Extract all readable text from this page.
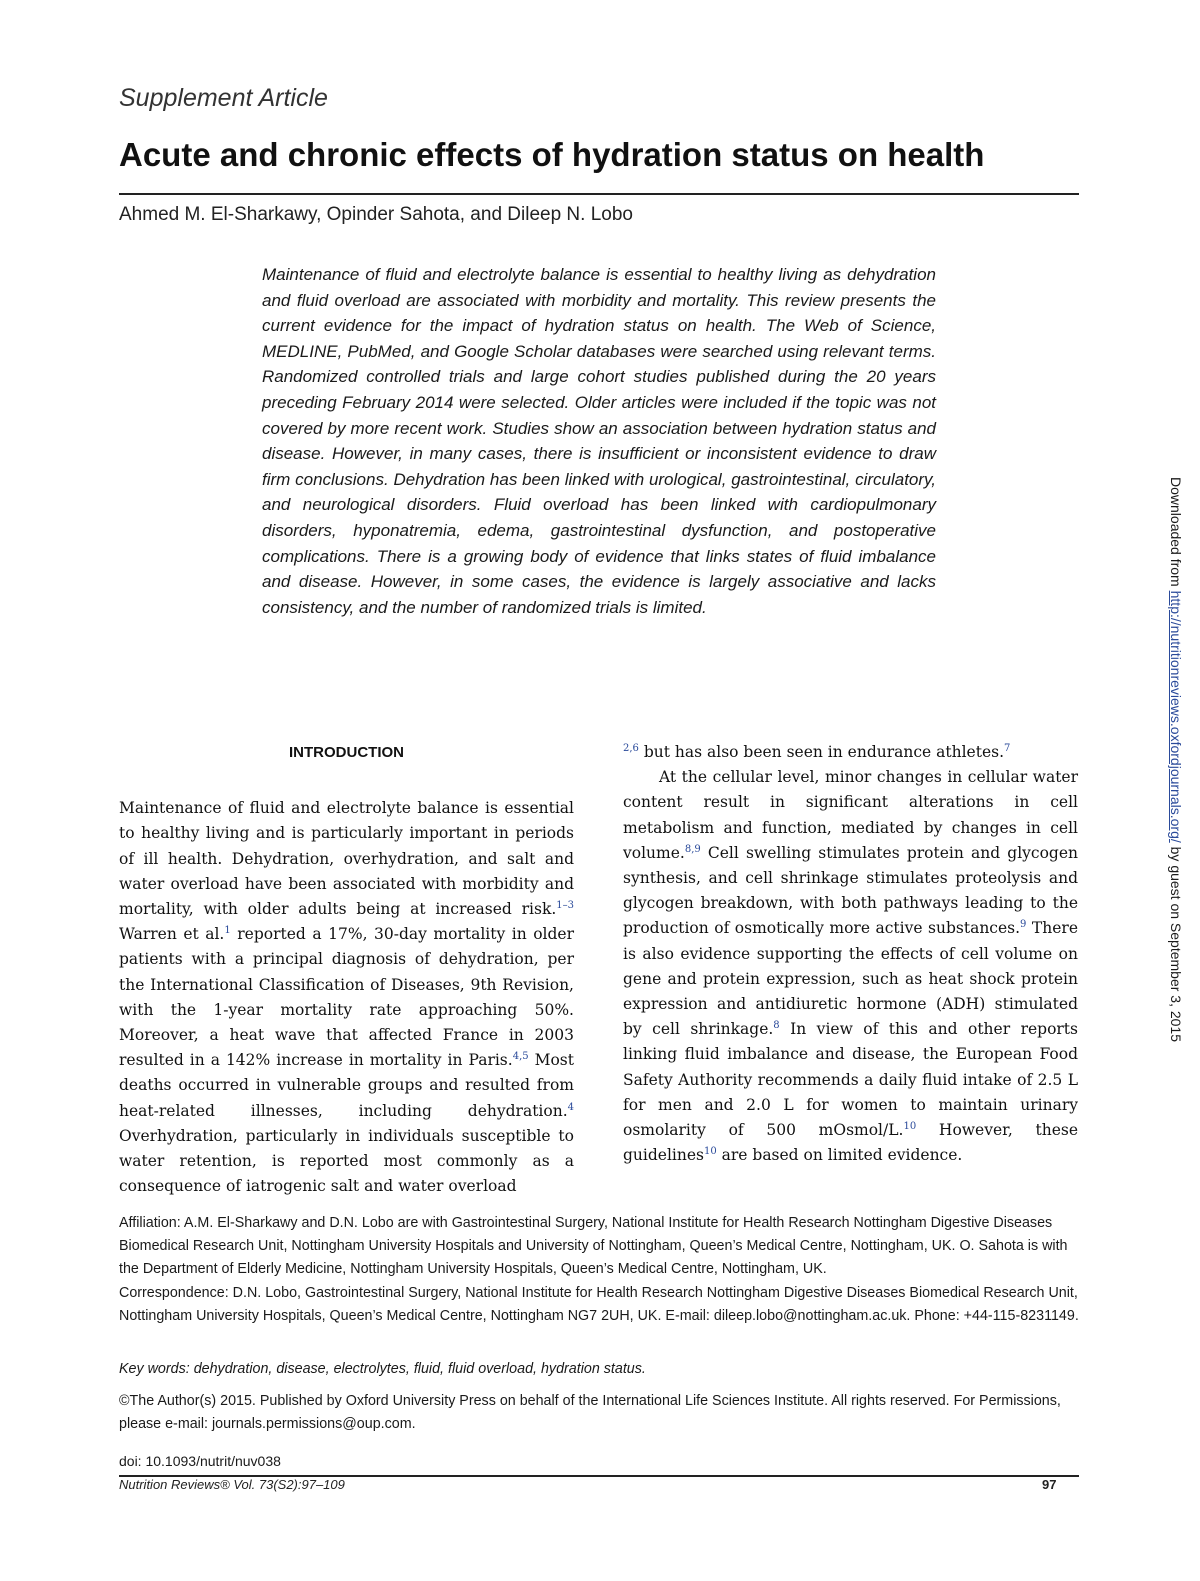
Supplement Article
Acute and chronic effects of hydration status on health
Ahmed M. El-Sharkawy, Opinder Sahota, and Dileep N. Lobo
Maintenance of fluid and electrolyte balance is essential to healthy living as dehydration and fluid overload are associated with morbidity and mortality. This review presents the current evidence for the impact of hydration status on health. The Web of Science, MEDLINE, PubMed, and Google Scholar databases were searched using relevant terms. Randomized controlled trials and large cohort studies published during the 20 years preceding February 2014 were selected. Older articles were included if the topic was not covered by more recent work. Studies show an association between hydration status and disease. However, in many cases, there is insufficient or inconsistent evidence to draw firm conclusions. Dehydration has been linked with urological, gastrointestinal, circulatory, and neurological disorders. Fluid overload has been linked with cardiopulmonary disorders, hyponatremia, edema, gastrointestinal dysfunction, and postoperative complications. There is a growing body of evidence that links states of fluid imbalance and disease. However, in some cases, the evidence is largely associative and lacks consistency, and the number of randomized trials is limited.
INTRODUCTION

Maintenance of fluid and electrolyte balance is essential to healthy living and is particularly important in periods of ill health. Dehydration, overhydration, and salt and water overload have been associated with morbidity and mortality, with older adults being at increased risk.$^{1-3}$ Warren et al.$^1$ reported a 17%, 30-day mortality in older patients with a principal diagnosis of dehydration, per the International Classification of Diseases, 9th Revision, with the 1-year mortality rate approaching 50%. Moreover, a heat wave that affected France in 2003 resulted in a 142% increase in mortality in Paris.$^{4,5}$ Most deaths occurred in vulnerable groups and resulted from heat-related illnesses, including dehydration.$^4$ Overhydration, particularly in individuals susceptible to water retention, is reported most commonly as a consequence of iatrogenic salt and water overload

$^{2,6}$ but has also been seen in endurance athletes.$^7$

At the cellular level, minor changes in cellular water content result in significant alterations in cell metabolism and function, mediated by changes in cell volume.$^{8,9}$ Cell swelling stimulates protein and glycogen synthesis, and cell shrinkage stimulates proteolysis and glycogen breakdown, with both pathways leading to the production of osmotically more active substances.$^9$ There is also evidence supporting the effects of cell volume on gene and protein expression, such as heat shock protein expression and antidiuretic hormone (ADH) stimulated by cell shrinkage.$^8$ In view of this and other reports linking fluid imbalance and disease, the European Food Safety Authority recommends a daily fluid intake of 2.5 L for men and 2.0 L for women to maintain urinary osmolarity of 500 mOsmol/L.$^{10}$ However, these guidelines$^{10}$ are based on limited evidence.

Affiliation: A.M. El-Sharkawy and D.N. Lobo are with Gastrointestinal Surgery, National Institute for Health Research Nottingham Digestive Diseases Biomedical Research Unit, Nottingham University Hospitals and University of Nottingham, Queen’s Medical Centre, Nottingham, UK. O. Sahota is with the Department of Elderly Medicine, Nottingham University Hospitals, Queen’s Medical Centre, Nottingham, UK.
Correspondence: D.N. Lobo, Gastrointestinal Surgery, National Institute for Health Research Nottingham Digestive Diseases Biomedical Research Unit, Nottingham University Hospitals, Queen’s Medical Centre, Nottingham NG7 2UH, UK. E-mail: dileep.lobo@nottingham.ac.uk. Phone: +44-115-8231149.
Key words: dehydration, disease, electrolytes, fluid, fluid overload, hydration status.
©The Author(s) 2015. Published by Oxford University Press on behalf of the International Life Sciences Institute. All rights reserved. For Permissions, please e-mail: journals.permissions@oup.com.
doi: 10.1093/nutrit/nuv038
Nutrition Reviews® Vol. 73(S2):97–109	97
Downloaded from http://nutritionreviews.oxfordjournals.org/ by guest on September 3, 2015
